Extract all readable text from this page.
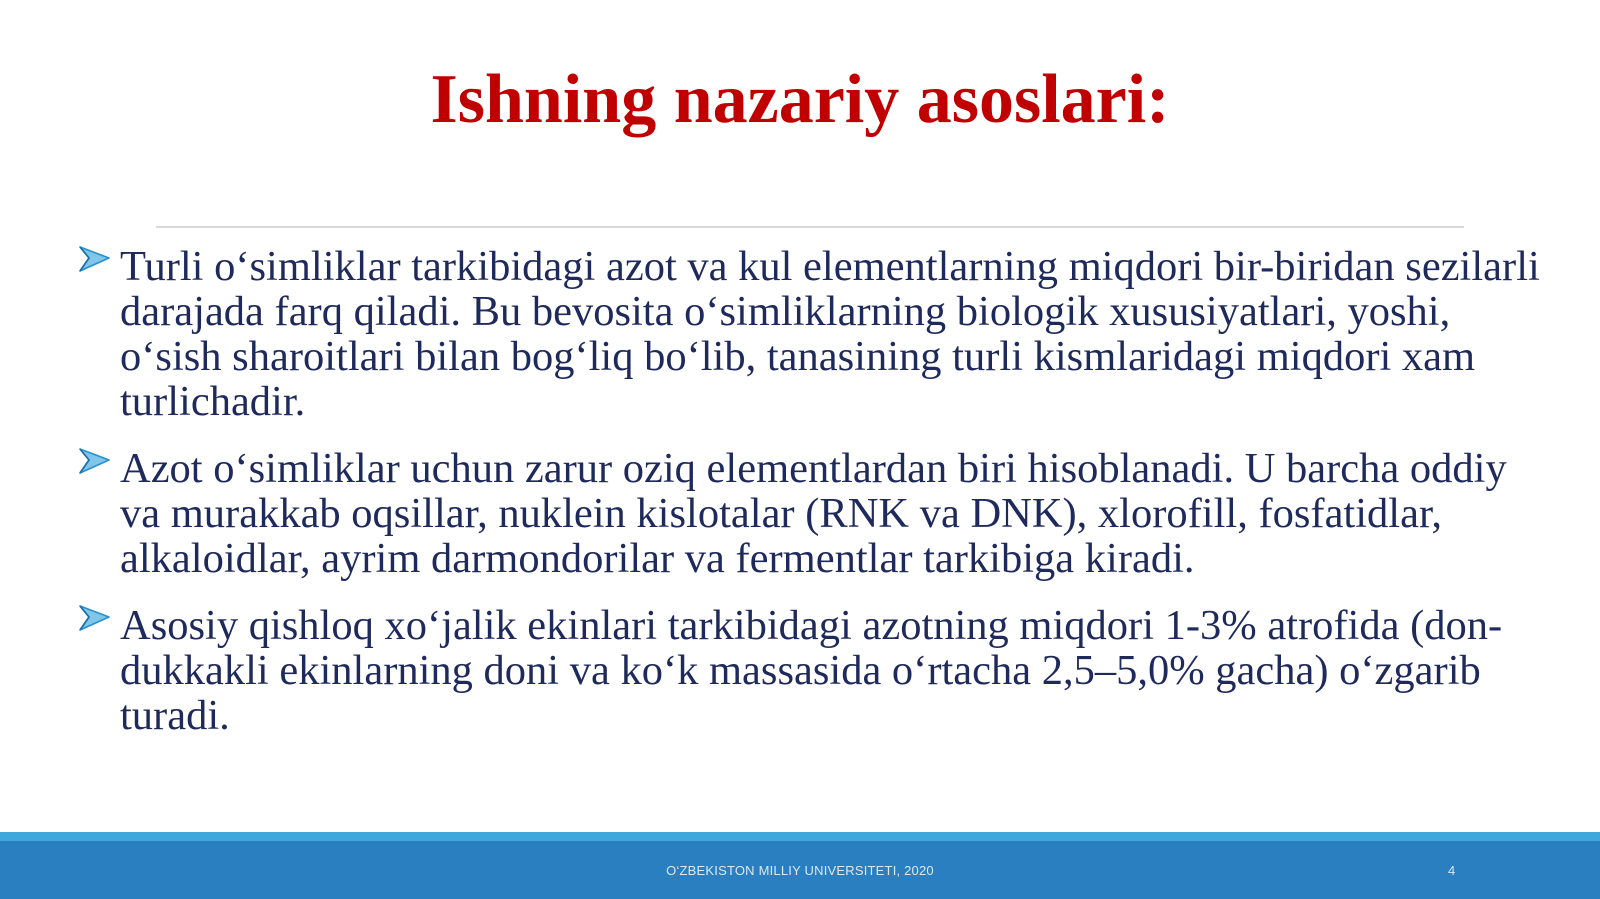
Ishning nazariy asoslari:
Turli o‘simliklar tarkibidagi azot va kul elementlarning miqdori bir-biridan sezilarli darajada farq qiladi. Bu bevosita o‘simliklarning biologik xususiyatlari, yoshi, o‘sish sharoitlari bilan bog‘liq bo‘lib, tanasining turli kismlaridagi miqdori xam turlichadir.
Azot o‘simliklar uchun zarur oziq elementlardan biri hisoblanadi. U barcha oddiy va murakkab oqsillar, nuklein kislotalar (RNK va DNK), xlorofill, fosfatidlar, alkaloidlar, ayrim darmondorilar va fermentlar tarkibiga kiradi.
Asosiy qishloq xo‘jalik ekinlari tarkibidagi azotning miqdori 1-3% atrofida (don-dukkakli ekinlarning doni va ko‘k massasida o‘rtacha 2,5–5,0% gacha) o‘zgarib turadi.
O‘ZBEKISTON MILLIY UNIVERSITETI, 2020	4
